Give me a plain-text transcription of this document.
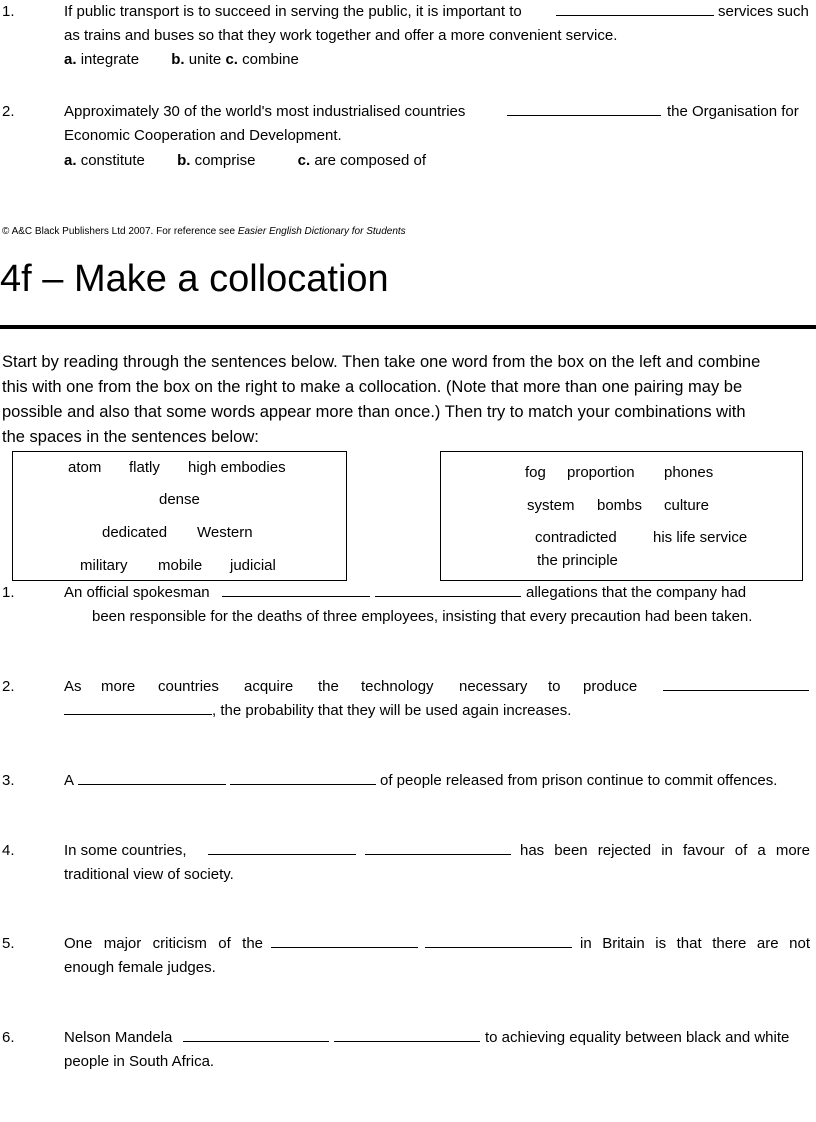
1.	If public transport is to succeed in serving the public, it is important to	services such
as trains and buses so that they work together and offer a more convenient service.
a. integrate b. unite c. combine
2.	Approximately 30 of the world's most industrialised countries	the Organisation for
Economic Cooperation and Development.
a. constitute b. comprise	c. are composed of
© A&C Black Publishers Ltd 2007. For reference see Easier English Dictionary for Students
4f – Make a collocation
Start by reading through the sentences below. Then take one word from the box on the left and combine
this with one from the box on the right to make a collocation. (Note that more than one pairing may be
possible and also that some words appear more than once.) Then try to match your combinations with
the spaces in the sentences below:
atom flatly high embodies
dense
dedicated Western
military mobile judicial
fog proportion phones
system bombs culture
contradicted his life service
the principle
1.	An official spokesman	allegations that the company had
been responsible for the deaths of three employees, insisting that every precaution had been taken.
2.	As more countries acquire the technology necessary to produce
, the probability that they will be used again increases.
3.	A	of people released from prison continue to commit offences.
4.	In some countries,	has been rejected in favour of a more
traditional view of society.
5.	One major criticism of the	in Britain is that there are not
enough female judges.
6.	Nelson Mandela	to achieving equality between black and white
people in South Africa.
